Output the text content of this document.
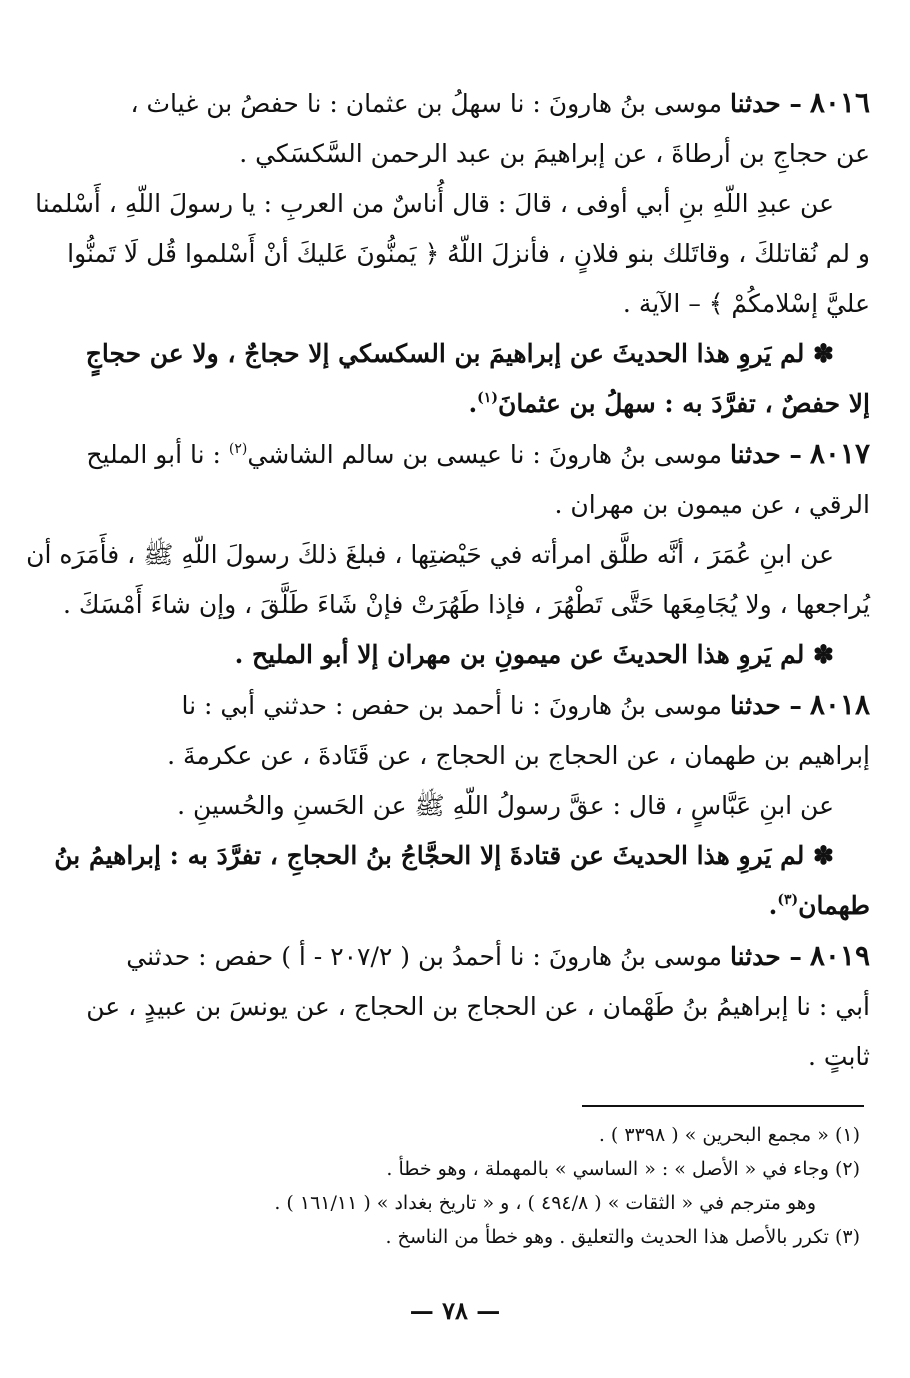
٨٠١٦ – حدثنا موسى بنُ هارونَ : نا سهلُ بن عثمان : نا حفصُ بن غياث ،
عن حجاجِ بن أرطاةَ ، عن إبراهيمَ بن عبد الرحمن السَّكسَكي .
عن عبدِ اللّهِ بنِ أبي أوفى ، قالَ : قال أُناسٌ من العربِ : يا رسولَ اللّهِ ، أَسْلمنا
و لم نُقاتلكَ ، وقاتَلك بنو فلانٍ ، فأنزلَ اللّهُ ﴿ يَمنُّونَ عَليكَ أنْ أَسْلموا قُل لَا تَمنُّوا
عليَّ إسْلامكُمْ ﴾ – الآية .
✽ لم يَروِ هذا الحديثَ عن إبراهيمَ بن السكسكي إلا حجاجٌ ، ولا عن حجاجٍ
إلا حفصٌ ، تفرَّدَ به : سهلُ بن عثمانَ$^{(١)}$.
٨٠١٧ – حدثنا موسى بنُ هارونَ : نا عيسى بن سالم الشاشي$^{(٢)}$ : نا أبو المليح
الرقي ، عن ميمون بن مهران .
عن ابنِ عُمَرَ ، أنَّه طلَّق امرأته في حَيْضتِها ، فبلغَ ذلكَ رسولَ اللّهِ ﷺ ، فأَمَرَه أن
يُراجعها ، ولا يُجَامِعَها حَتَّى تَطْهُرَ ، فإذا طَهُرَتْ فإنْ شَاءَ طَلَّقَ ، وإن شاءَ أَمْسَكَ .
✽ لم يَروِ هذا الحديثَ عن ميمونِ بن مهران إلا أبو المليح .
٨٠١٨ – حدثنا موسى بنُ هارونَ : نا أحمد بن حفص : حدثني أبي : نا
إبراهيم بن طهمان ، عن الحجاج بن الحجاج ، عن قَتَادةَ ، عن عكرمةَ .
عن ابنِ عَبَّاسٍ ، قال : عقَّ رسولُ اللّهِ ﷺ عن الحَسنِ والحُسينِ .
✽ لم يَروِ هذا الحديثَ عن قتادةَ إلا الحجَّاجُ بنُ الحجاجِ ، تفرَّدَ به : إبراهيمُ بنُ
طهمان$^{(٣)}$.
٨٠١٩ – حدثنا موسى بنُ هارونَ : نا أحمدُ بن ( ٢٠٧/٢ - أ ) حفص : حدثني
أبي : نا إبراهيمُ بنُ طَهْمان ، عن الحجاج بن الحجاج ، عن يونسَ بن عبيدٍ ، عن
ثابتٍ .
(١) « مجمع البحرين » ( ٣٣٩٨ ) .
(٢) وجاء في « الأصل » : « الساسي » بالمهملة ، وهو خطأ .
وهو مترجم في « الثقات » ( ٤٩٤/٨ ) ، و « تاريخ بغداد » ( ١٦١/١١ ) .
(٣) تكرر بالأصل هذا الحديث والتعليق . وهو خطأ من الناسخ .
— ٧٨ —
